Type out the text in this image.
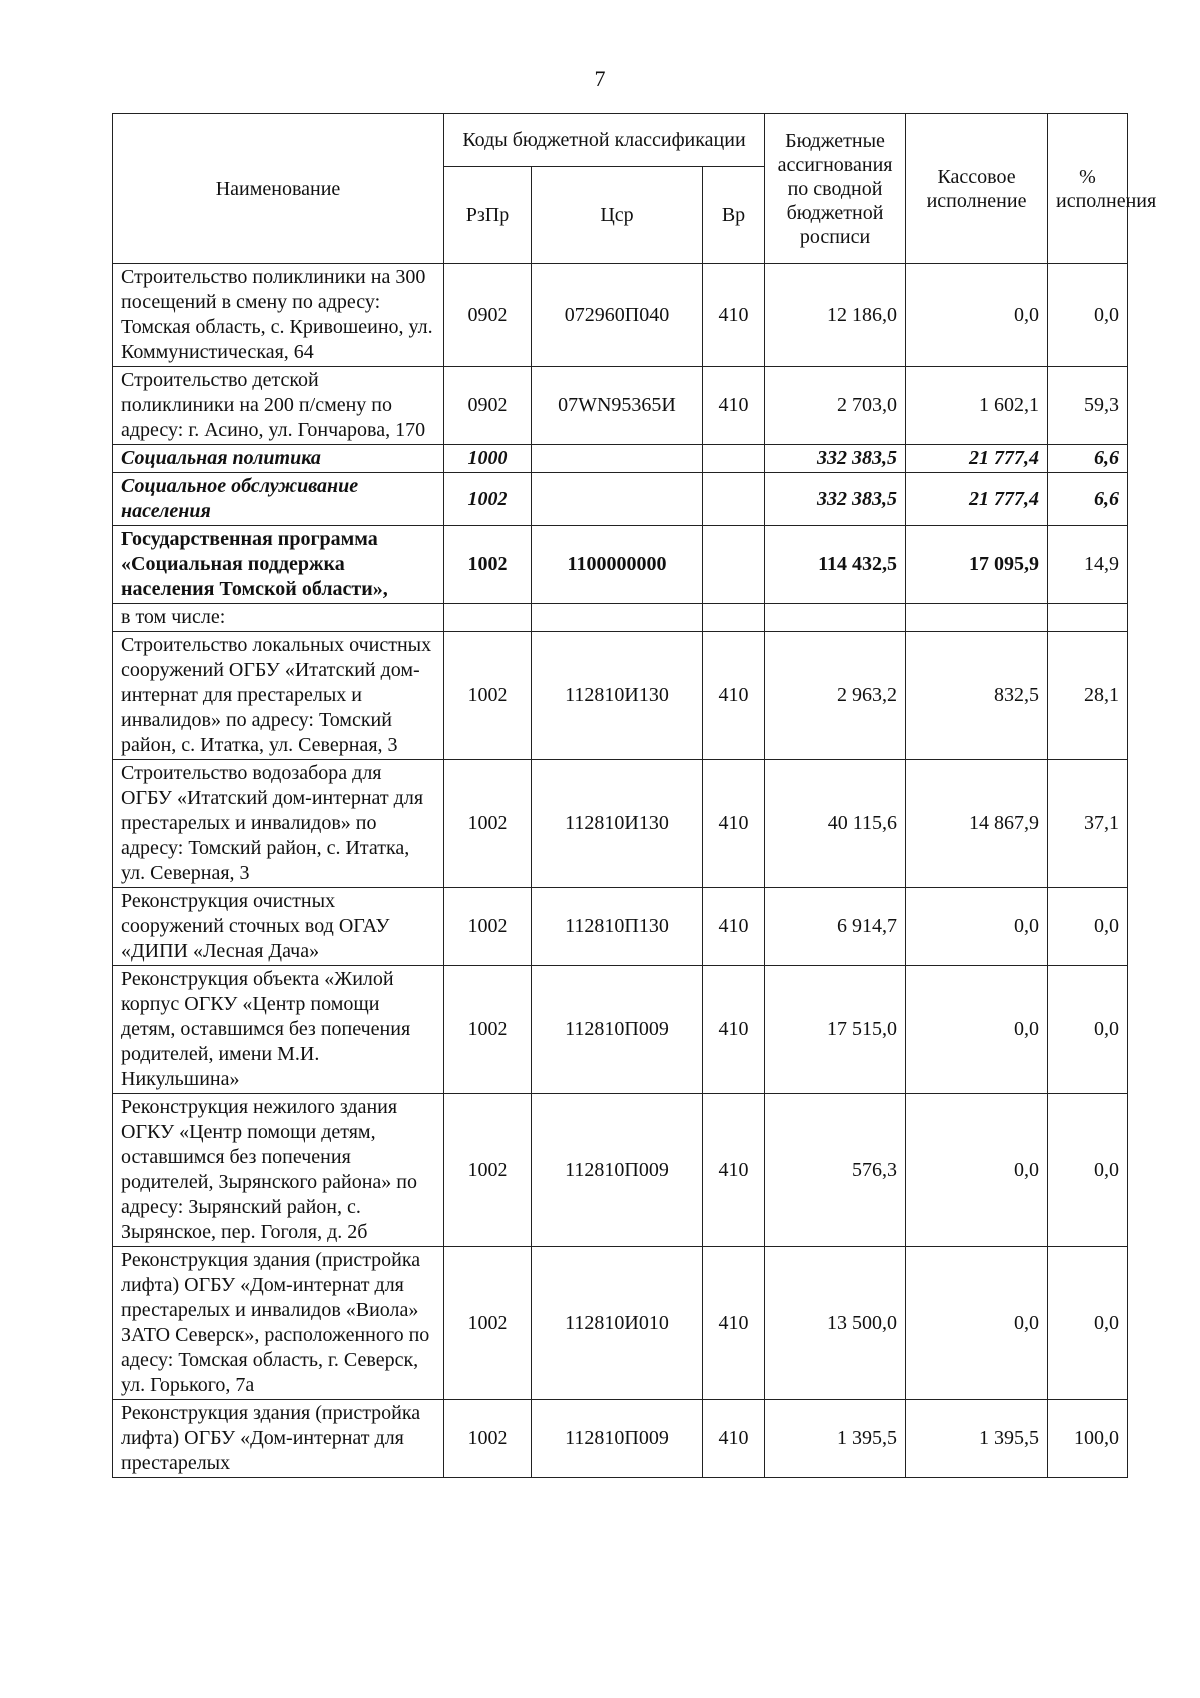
7
Наименование	Коды бюджетной классификации			Бюджетные ассигнования по сводной бюджетной росписи	Кассовое исполнение	% исполнения
	РзПр	Цср	Вр			
Строительство поликлиники на 300 посещений в смену по адресу: Томская область, с. Кривошеино, ул. Коммунистическая, 64	0902	072960П040	410	12 186,0	0,0	0,0
Строительство детской поликлиники на 200 п/смену по адресу: г. Асино, ул. Гончарова, 170	0902	07WN95365И	410	2 703,0	1 602,1	59,3
Социальная политика	1000			332 383,5	21 777,4	6,6
Социальное обслуживание населения	1002			332 383,5	21 777,4	6,6
Государственная программа «Социальная поддержка населения Томской области»,	1002	1100000000		114 432,5	17 095,9	14,9
в том числе:						
Строительство локальных очистных сооружений ОГБУ «Итатский дом-интернат для престарелых и инвалидов» по адресу: Томский район, с. Итатка, ул. Северная, 3	1002	112810И130	410	2 963,2	832,5	28,1
Строительство водозабора для ОГБУ «Итатский дом-интернат для престарелых и инвалидов» по адресу: Томский район, с. Итатка, ул. Северная, 3	1002	112810И130	410	40 115,6	14 867,9	37,1
Реконструкция очистных сооружений сточных вод ОГАУ «ДИПИ «Лесная Дача»	1002	112810П130	410	6 914,7	0,0	0,0
Реконструкция объекта «Жилой корпус ОГКУ «Центр помощи детям, оставшимся без попечения родителей, имени М.И. Никульшина»	1002	112810П009	410	17 515,0	0,0	0,0
Реконструкция нежилого здания ОГКУ «Центр помощи детям, оставшимся без попечения родителей, Зырянского района» по адресу: Зырянский район, с. Зырянское, пер. Гоголя, д. 2б	1002	112810П009	410	576,3	0,0	0,0
Реконструкция здания (пристройка лифта) ОГБУ «Дом-интернат для престарелых и инвалидов «Виола» ЗАТО Северск», расположенного по адесу: Томская область, г. Северск, ул. Горького, 7а	1002	112810И010	410	13 500,0	0,0	0,0
Реконструкция здания (пристройка лифта) ОГБУ «Дом-интернат для престарелых	1002	112810П009	410	1 395,5	1 395,5	100,0
